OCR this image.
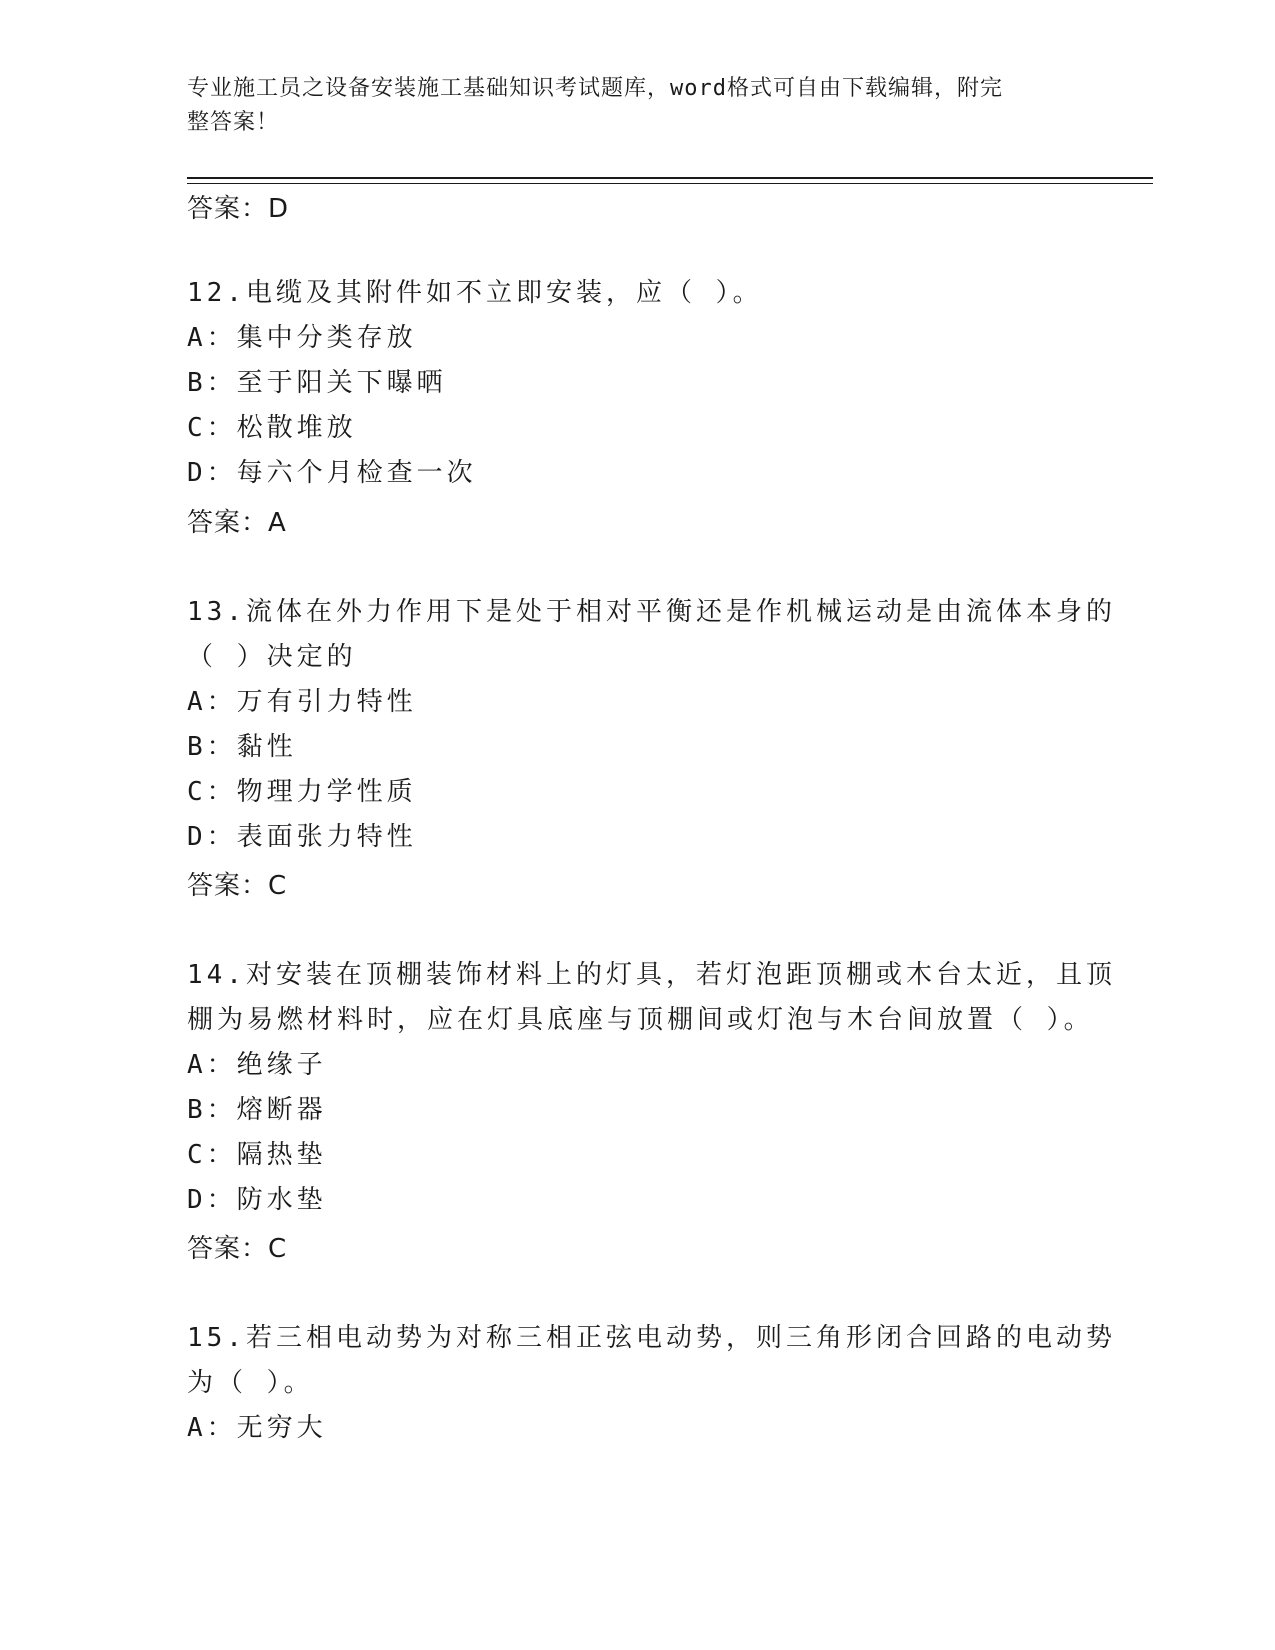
专业施工员之设备安装施工基础知识考试题库，word格式可自由下载编辑，附完
整答案！
答案：D
12.电缆及其附件如不立即安装，应（ ）。
A：集中分类存放
B：至于阳关下曝晒
C：松散堆放
D：每六个月检查一次
答案：A
13.流体在外力作用下是处于相对平衡还是作机械运动是由流体本身的
（ ）决定的
A：万有引力特性
B：黏性
C：物理力学性质
D：表面张力特性
答案：C
14.对安装在顶棚装饰材料上的灯具，若灯泡距顶棚或木台太近，且顶
棚为易燃材料时，应在灯具底座与顶棚间或灯泡与木台间放置（ ）。
A：绝缘子
B：熔断器
C：隔热垫
D：防水垫
答案：C
15.若三相电动势为对称三相正弦电动势，则三角形闭合回路的电动势
为（ ）。
A：无穷大
